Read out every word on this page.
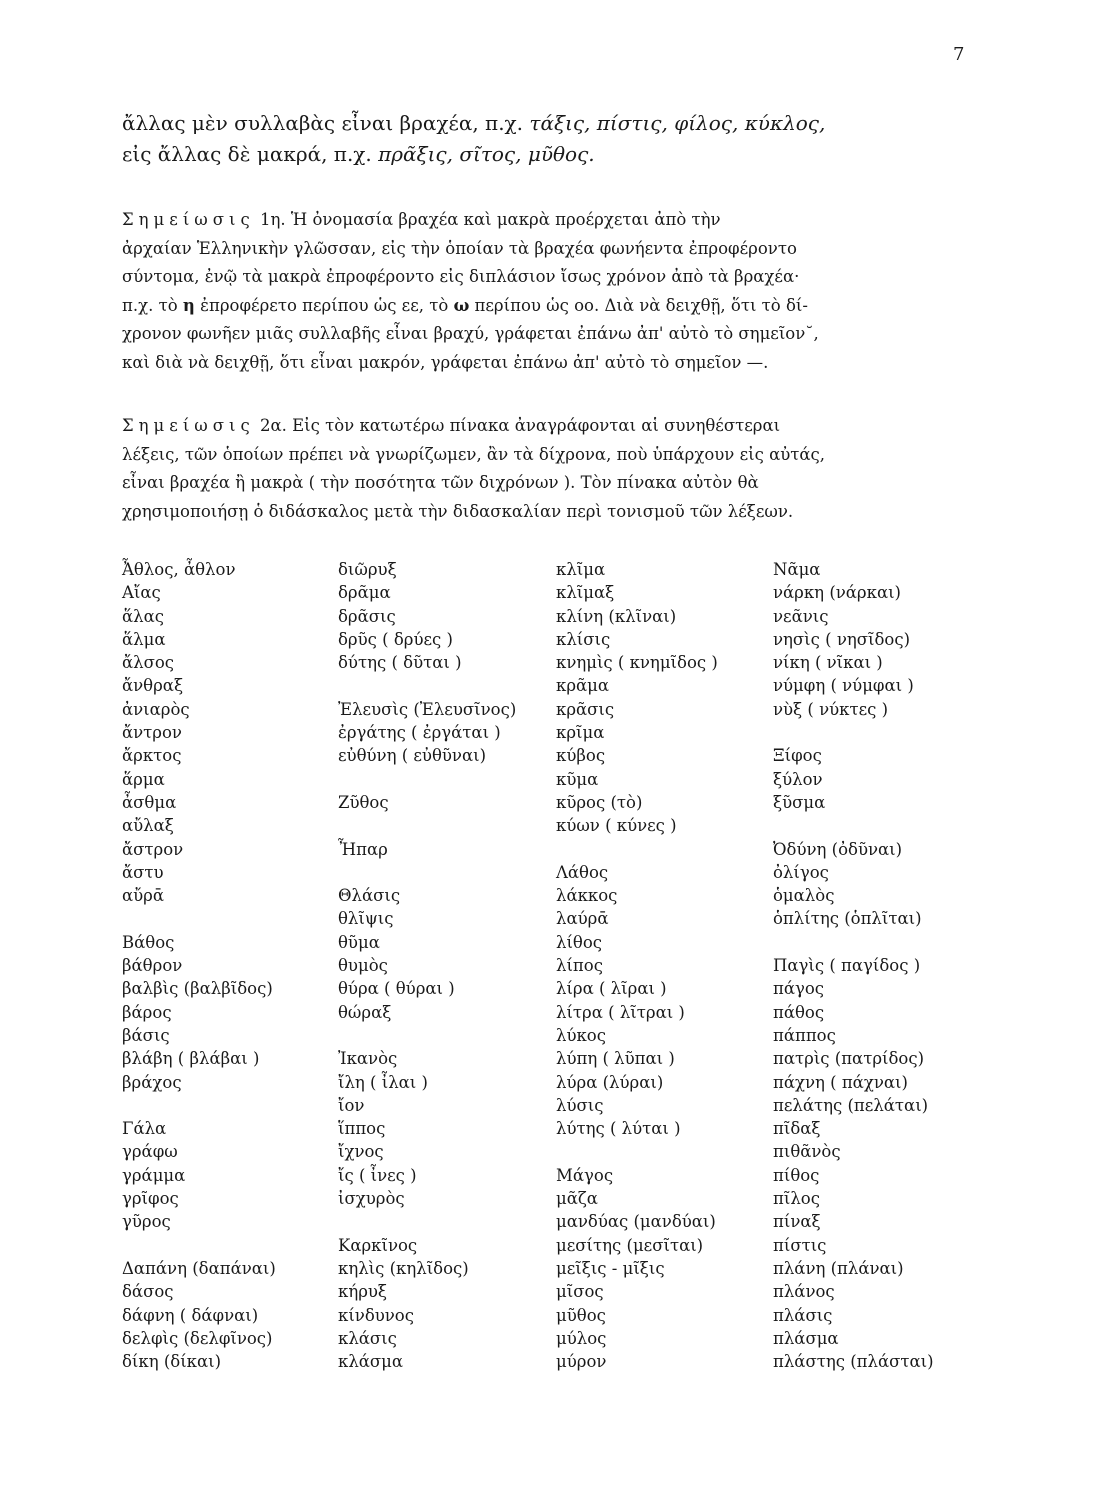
7
ἄλλας μὲν συλλαβὰς εἶναι βραχέα, π.χ. τάξις, πίστις, φίλος, κύκλος,
εἰς ἄλλας δὲ μακρά, π.χ. πρᾶξις, σῖτος, μῦθος.
Σημείωσις 1η. Ἡ ὀνομασία βραχέα καὶ μακρὰ προέρχεται ἀπὸ τὴν
ἀρχαίαν Ἑλληνικὴν γλῶσσαν, εἰς τὴν ὁποίαν τὰ βραχέα φωνήεντα ἐπροφέροντο
σύντομα, ἐνῷ τὰ μακρὰ ἐπροφέροντο εἰς διπλάσιον ἴσως χρόνον ἀπὸ τὰ βραχέα·
π.χ. τὸ η ἐπροφέρετο περίπου ὡς εε, τὸ ω περίπου ὡς οο. Διὰ νὰ δειχθῇ, ὅτι τὸ δί-
χρονον φωνῆεν μιᾶς συλλαβῆς εἶναι βραχύ, γράφεται ἐπάνω ἀπ' αὐτὸ τὸ σημεῖον˘,
καὶ διὰ νὰ δειχθῇ, ὅτι εἶναι μακρόν, γράφεται ἐπάνω ἀπ' αὐτὸ τὸ σημεῖον —.
Σημείωσις 2α. Εἰς τὸν κατωτέρω πίνακα ἀναγράφονται αἱ συνηθέστεραι
λέξεις, τῶν ὁποίων πρέπει νὰ γνωρίζωμεν, ἂν τὰ δίχρονα, ποὺ ὑπάρχουν εἰς αὐτάς,
εἶναι βραχέα ἢ μακρὰ ( τὴν ποσότητα τῶν διχρόνων ). Τὸν πίνακα αὐτὸν θὰ
χρησιμοποιήσῃ ὁ διδάσκαλος μετὰ τὴν διδασκαλίαν περὶ τονισμοῦ τῶν λέξεων.
Ἆθλος, ἆθλον
Αἴας
ἅλας
ἅλμα
ἄλσος
ἄνθραξ
ἀνιαρὸς
ἄντρον
ἄρκτος
ἅρμα
ἆσθμα
αὔλαξ
ἄστρον
ἄστυ
αὔρᾱ
Βάθος
βάθρον
βαλβὶς (βαλβῖδος)
βάρος
βάσις
βλάβη ( βλάβαι )
βράχος
Γάλα
γράφω
γράμμα
γρῖφος
γῦρος
Δαπάνη (δαπάναι)
δάσος
δάφνη ( δάφναι)
δελφὶς (δελφῖνος)
δίκη (δίκαι)
διῶρυξ
δρᾶμα
δρᾶσις
δρῦς ( δρύες )
δύτης ( δῦται )
Ἐλευσὶς (Ἐλευσῖνος)
ἐργάτης ( ἐργάται )
εὐθύνη ( εὐθῦναι)
Ζῦθος
Ἦπαρ
Θλάσις
θλῖψις
θῦμα
θυμὸς
θύρα ( θύραι )
θώραξ
Ἰκανὸς
ἴλη ( ἶλαι )
ἴον
ἵππος
ἴχνος
ἴς ( ἶνες )
ἰσχυρὸς
Καρκῖνος
κηλὶς (κηλῖδος)
κήρυξ
κίνδυνος
κλάσις
κλάσμα
κλῖμα
κλῖμαξ
κλίνη (κλῖναι)
κλίσις
κνημὶς ( κνημῖδος )
κρᾶμα
κρᾶσις
κρῖμα
κύβος
κῦμα
κῦρος (τὸ)
κύων ( κύνες )
Λάθος
λάκκος
λαύρᾱ
λίθος
λίπος
λίρα ( λῖραι )
λίτρα ( λῖτραι )
λύκος
λύπη ( λῦπαι )
λύρα (λύραι)
λύσις
λύτης ( λύται )
Μάγος
μᾶζα
μανδύας (μανδύαι)
μεσίτης (μεσῖται)
μεῖξις - μῖξις
μῖσος
μῦθος
μύλος
μύρον
Νᾶμα
νάρκη (νάρκαι)
νεᾶνις
νησὶς ( νησῖδος)
νίκη ( νῖκαι )
νύμφη ( νύμφαι )
νὺξ ( νύκτες )
Ξίφος
ξύλον
ξῦσμα
Ὀδύνη (ὀδῦναι)
ὀλίγος
ὁμαλὸς
ὁπλίτης (ὁπλῖται)
Παγὶς ( παγίδος )
πάγος
πάθος
πάππος
πατρὶς (πατρίδος)
πάχνη ( πάχναι)
πελάτης (πελάται)
πῖδαξ
πιθᾶνὸς
πίθος
πῖλος
πίναξ
πίστις
πλάνη (πλάναι)
πλάνος
πλάσις
πλάσμα
πλάστης (πλάσται)
